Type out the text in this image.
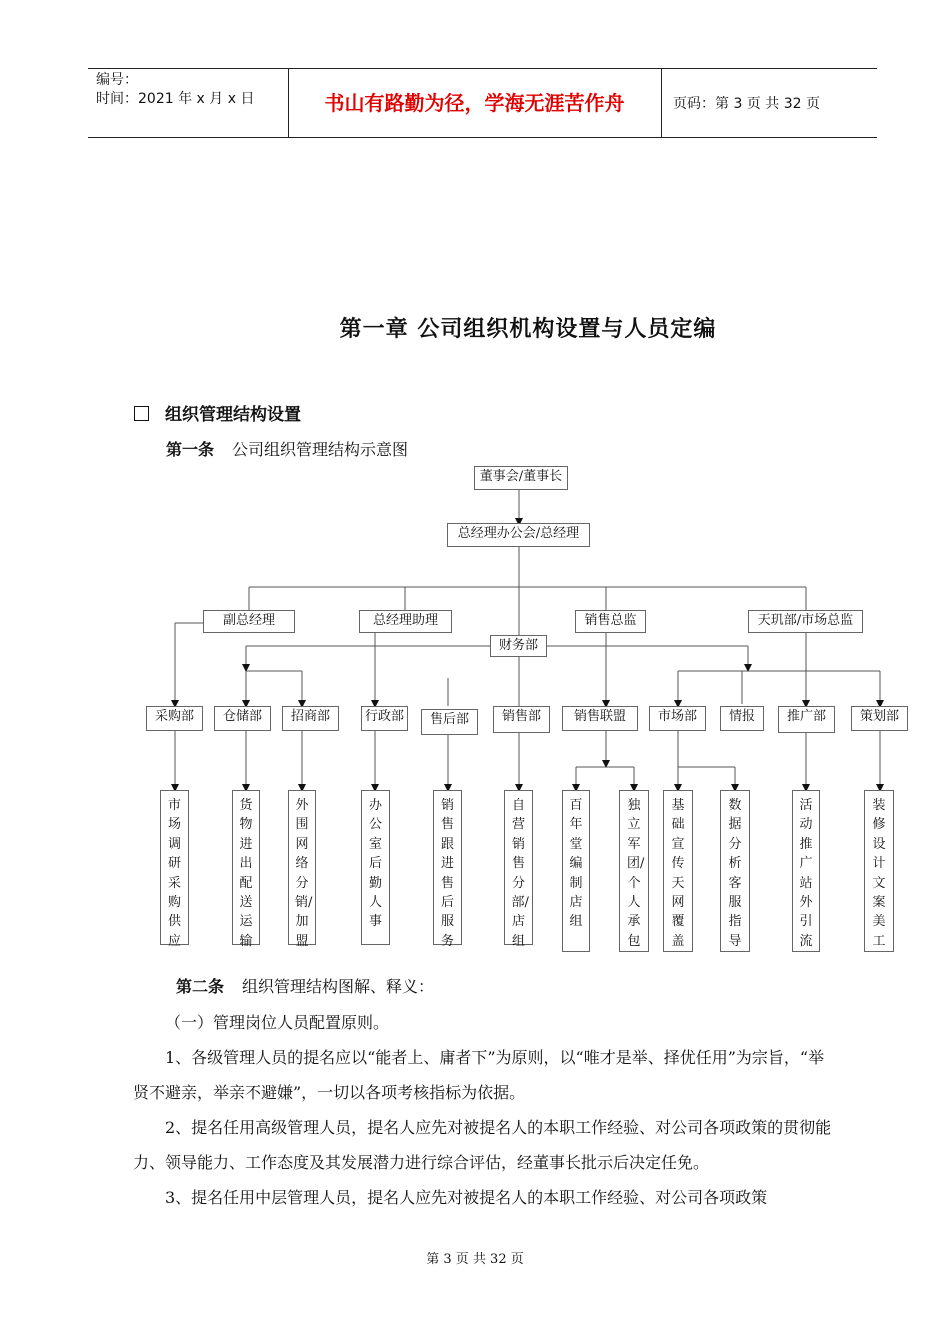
编号：
时间：2021 年 x 月 x 日	书山有路勤为径，学海无涯苦作舟	页码：第 3 页 共 32 页
第一章 公司组织机构设置与人员定编
组织管理结构设置
第一条 公司组织管理结构示意图
董事会/董事长
总经理办公会/总经理
副总经理	总经理助理	销售总监	天玑部/市场总监
财务部
采购部	仓储部	招商部	行政部	售后部	销售部	销售联盟	市场部	情报	推广部	策划部
市场调研采购供应
货物进出配送运输
外围网络分销/加盟
办公室 后勤人事
销售跟进售后服务
自营销售分部/店组
百年堂编制 店组
独立军团/个人承包
基础宣传天网覆盖
数据分析客服指导
活动推广站外引流
装修设计文案美工
第二条 组织管理结构图解、释义：

（一）管理岗位人员配置原则。

1、各级管理人员的提名应以“能者上、庸者下”为原则，以“唯才是举、择优任用”为宗旨，“举贤不避亲，举亲不避嫌”，一切以各项考核指标为依据。

2、提名任用高级管理人员，提名人应先对被提名人的本职工作经验、对公司各项政策的贯彻能力、领导能力、工作态度及其发展潜力进行综合评估，经董事长批示后决定任免。

3、提名任用中层管理人员，提名人应先对被提名人的本职工作经验、对公司各项政策

第 3 页 共 32 页
